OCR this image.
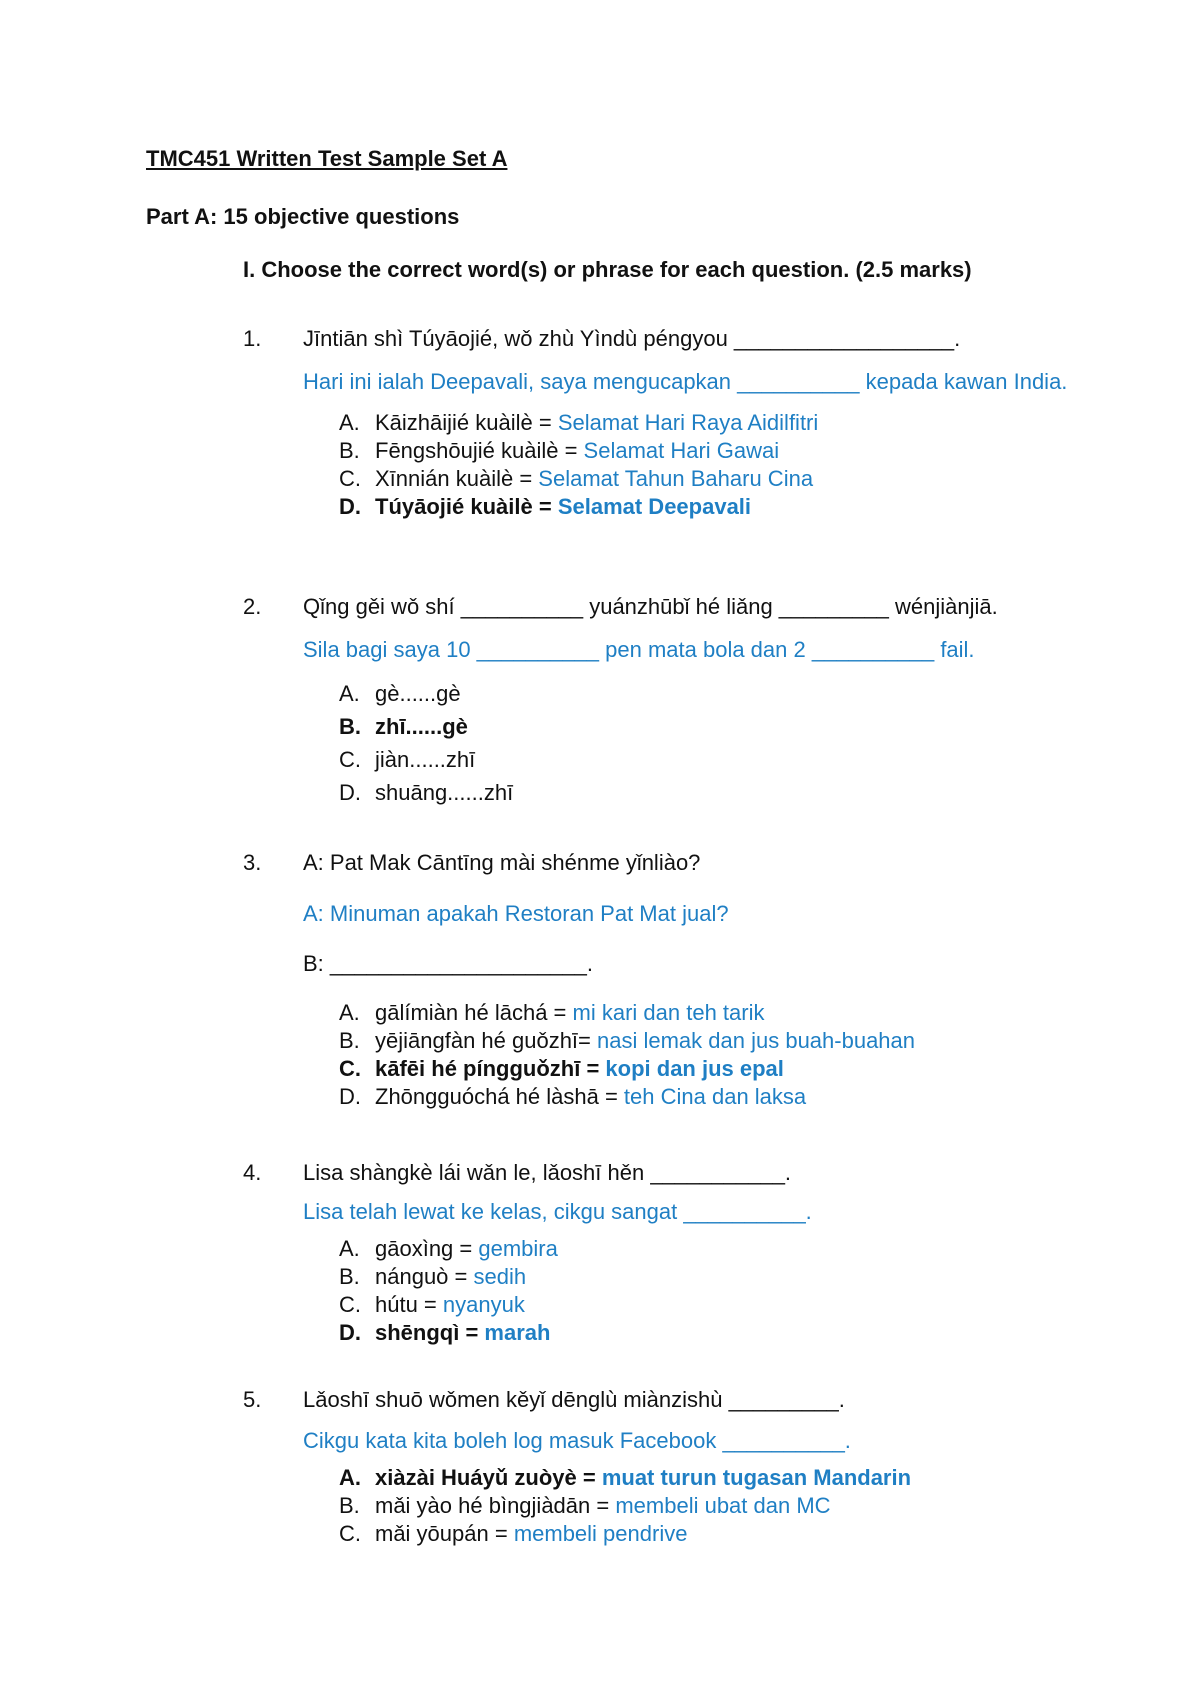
TMC451 Written Test Sample Set A
Part A: 15 objective questions
I. Choose the correct word(s) or phrase for each question. (2.5 marks)
1. Jīntiān shì Túyāojié, wǒ zhù Yìndù péngyou __________________.
Hari ini ialah Deepavali, saya mengucapkan __________ kepada kawan India.
A. Kāizhāijié kuàilè = Selamat Hari Raya Aidilfitri
B. Fēngshōujié kuàilè = Selamat Hari Gawai
C. Xīnnián kuàilè = Selamat Tahun Baharu Cina
D. Túyāojié kuàilè = Selamat Deepavali
2. Qǐng gěi wǒ shí __________ yuánzhūbǐ hé liǎng _________ wénjiànjiā.
Sila bagi saya 10 __________ pen mata bola dan 2 __________ fail.
A. gè......gè
B. zhī......gè
C. jiàn......zhī
D. shuāng......zhī
3. A: Pat Mak Cāntīng mài shénme yǐnliào?
A: Minuman apakah Restoran Pat Mat jual?
B: _____________________.
A. gālímiàn hé lāchá = mi kari dan teh tarik
B. yējiāngfàn hé guǒzhī= nasi lemak dan jus buah-buahan
C. kāfēi hé píngguǒzhī = kopi dan jus epal
D. Zhōngguóchá hé làshā = teh Cina dan laksa
4. Lisa shàngkè lái wǎn le, lǎoshī hěn ___________.
Lisa telah lewat ke kelas, cikgu sangat __________.
A. gāoxìng = gembira
B. nánguò = sedih
C. hútu = nyanyuk
D. shēngqì = marah
5. Lǎoshī shuō wǒmen kěyǐ dēnglù miànzishù _________.
Cikgu kata kita boleh log masuk Facebook __________.
A. xiàzài Huáyǔ zuòyè = muat turun tugasan Mandarin
B. mǎi yào hé bìngjiàdān = membeli ubat dan MC
C. mǎi yōupán = membeli pendrive
